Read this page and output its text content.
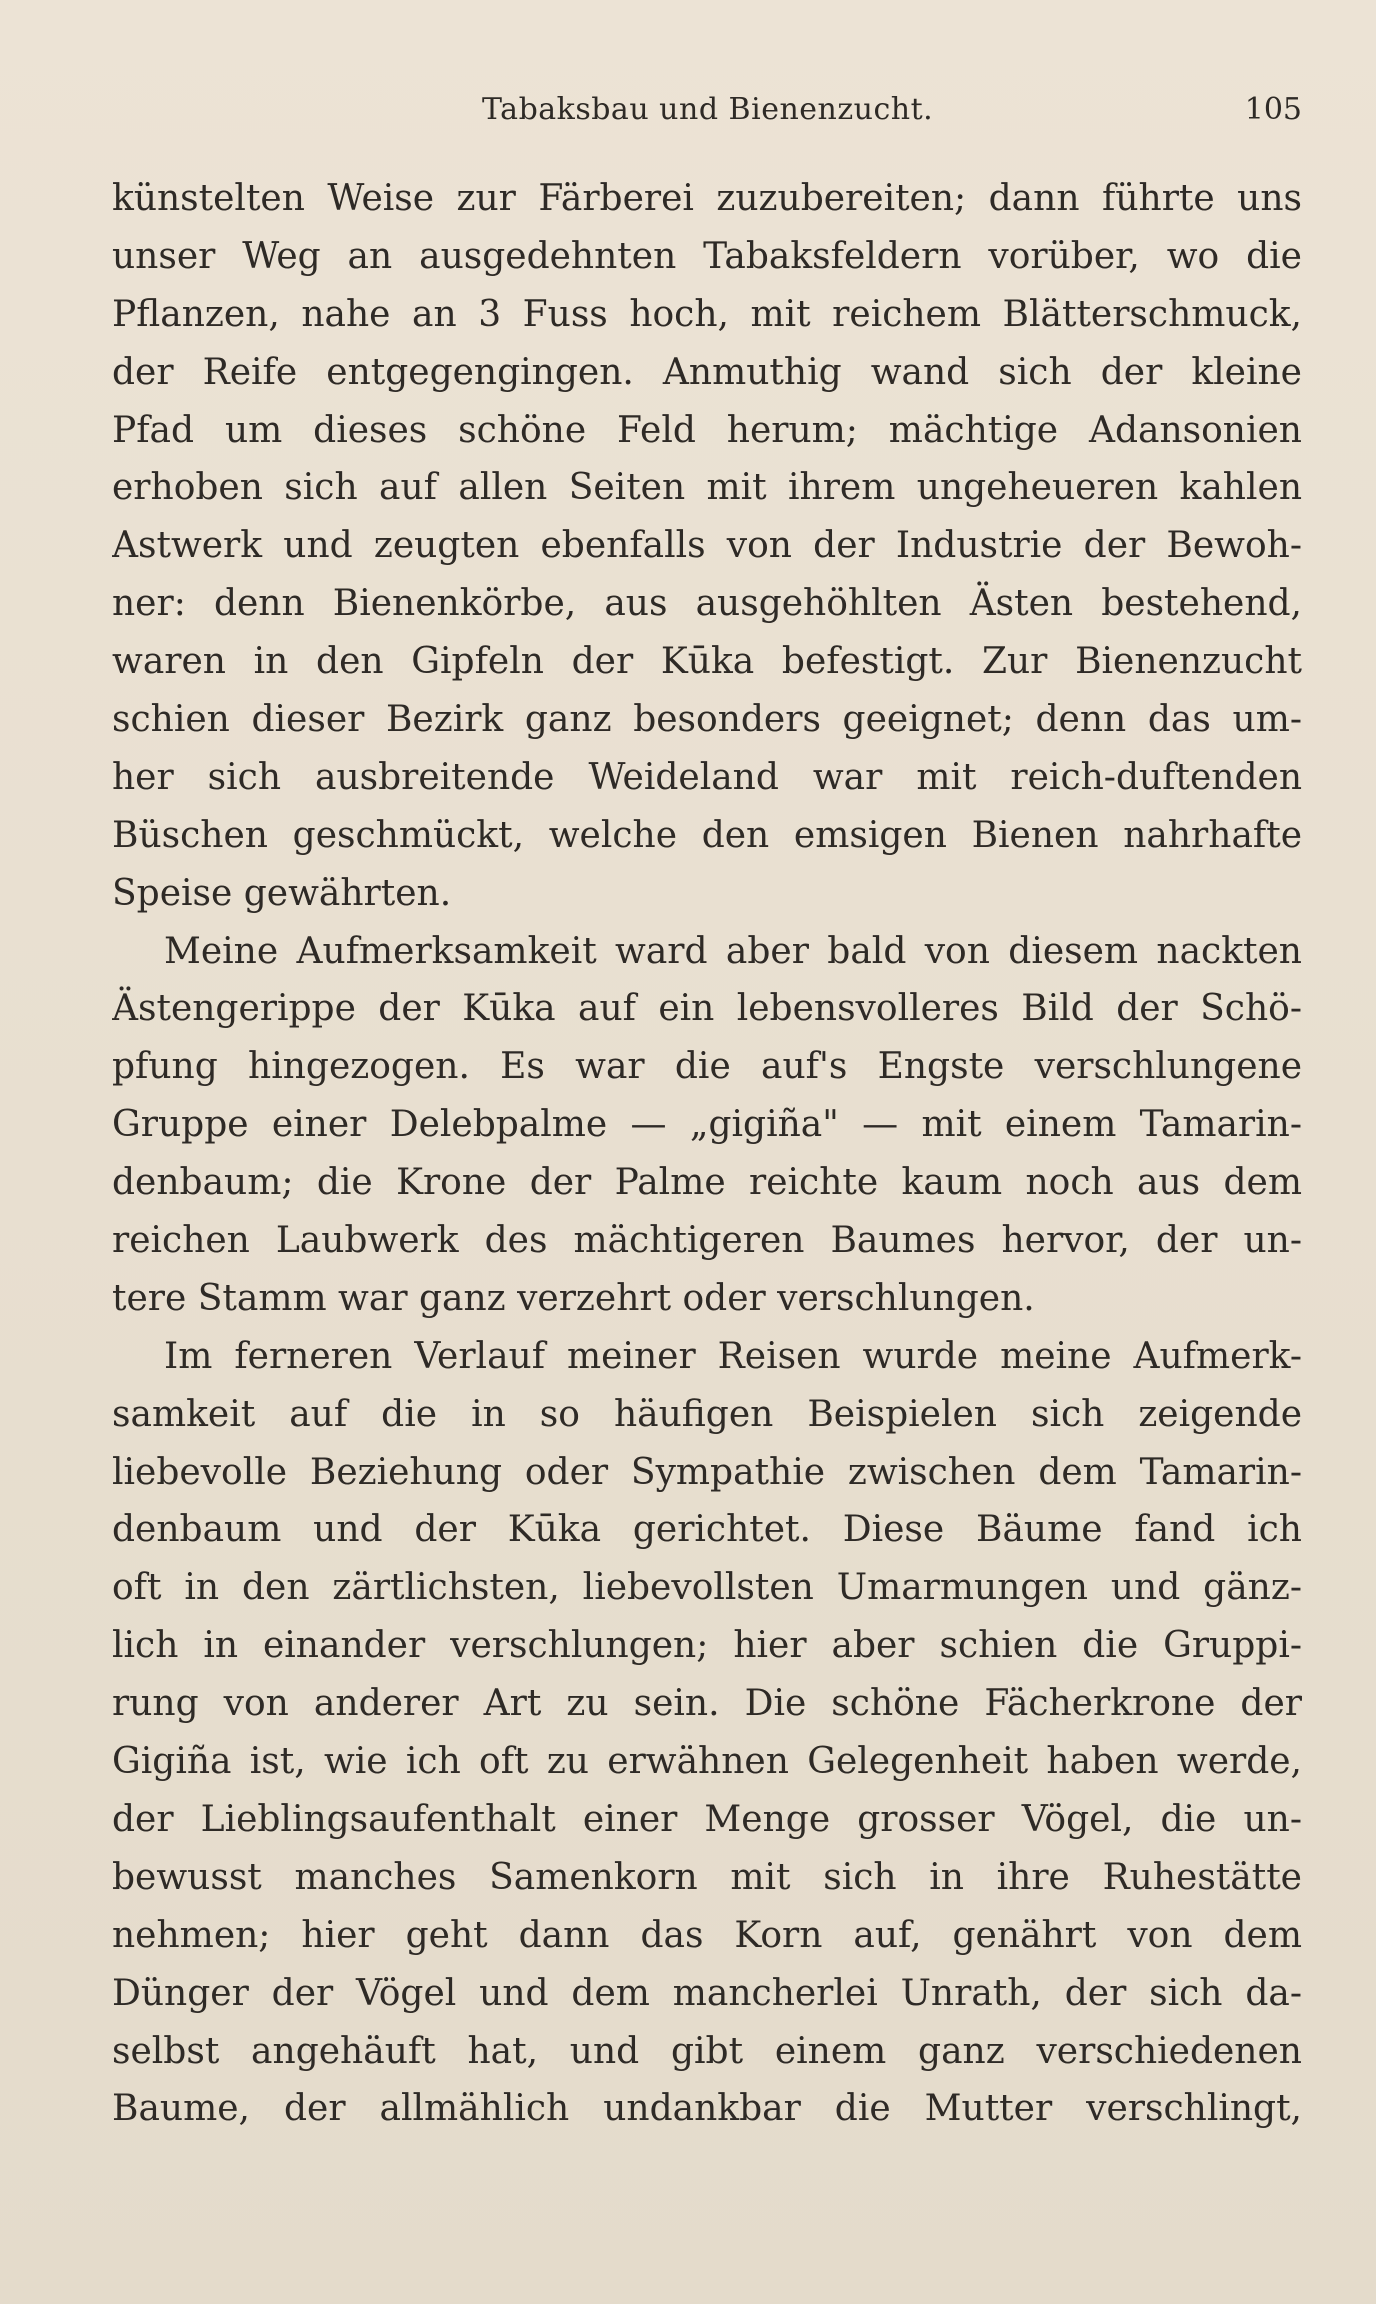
Tabaksbau und Bienenzucht.	105
künstelten Weise zur Färberei zuzubereiten; dann führte uns
unser Weg an ausgedehnten Tabaksfeldern vorüber, wo die
Pflanzen, nahe an 3 Fuss hoch, mit reichem Blätterschmuck,
der Reife entgegengingen. Anmuthig wand sich der kleine
Pfad um dieses schöne Feld herum; mächtige Adansonien
erhoben sich auf allen Seiten mit ihrem ungeheueren kahlen
Astwerk und zeugten ebenfalls von der Industrie der Bewoh-
ner: denn Bienenkörbe, aus ausgehöhlten Ästen bestehend,
waren in den Gipfeln der Kūka befestigt. Zur Bienenzucht
schien dieser Bezirk ganz besonders geeignet; denn das um-
her sich ausbreitende Weideland war mit reich-duftenden
Büschen geschmückt, welche den emsigen Bienen nahrhafte
Speise gewährten.
Meine Aufmerksamkeit ward aber bald von diesem nackten
Ästengerippe der Kūka auf ein lebensvolleres Bild der Schö-
pfung hingezogen. Es war die auf's Engste verschlungene
Gruppe einer Delebpalme — „gigiña" — mit einem Tamarin-
denbaum; die Krone der Palme reichte kaum noch aus dem
reichen Laubwerk des mächtigeren Baumes hervor, der un-
tere Stamm war ganz verzehrt oder verschlungen.
Im ferneren Verlauf meiner Reisen wurde meine Aufmerk-
samkeit auf die in so häufigen Beispielen sich zeigende
liebevolle Beziehung oder Sympathie zwischen dem Tamarin-
denbaum und der Kūka gerichtet. Diese Bäume fand ich
oft in den zärtlichsten, liebevollsten Umarmungen und gänz-
lich in einander verschlungen; hier aber schien die Gruppi-
rung von anderer Art zu sein. Die schöne Fächerkrone der
Gigiña ist, wie ich oft zu erwähnen Gelegenheit haben werde,
der Lieblingsaufenthalt einer Menge grosser Vögel, die un-
bewusst manches Samenkorn mit sich in ihre Ruhestätte
nehmen; hier geht dann das Korn auf, genährt von dem
Dünger der Vögel und dem mancherlei Unrath, der sich da-
selbst angehäuft hat, und gibt einem ganz verschiedenen
Baume, der allmählich undankbar die Mutter verschlingt,
